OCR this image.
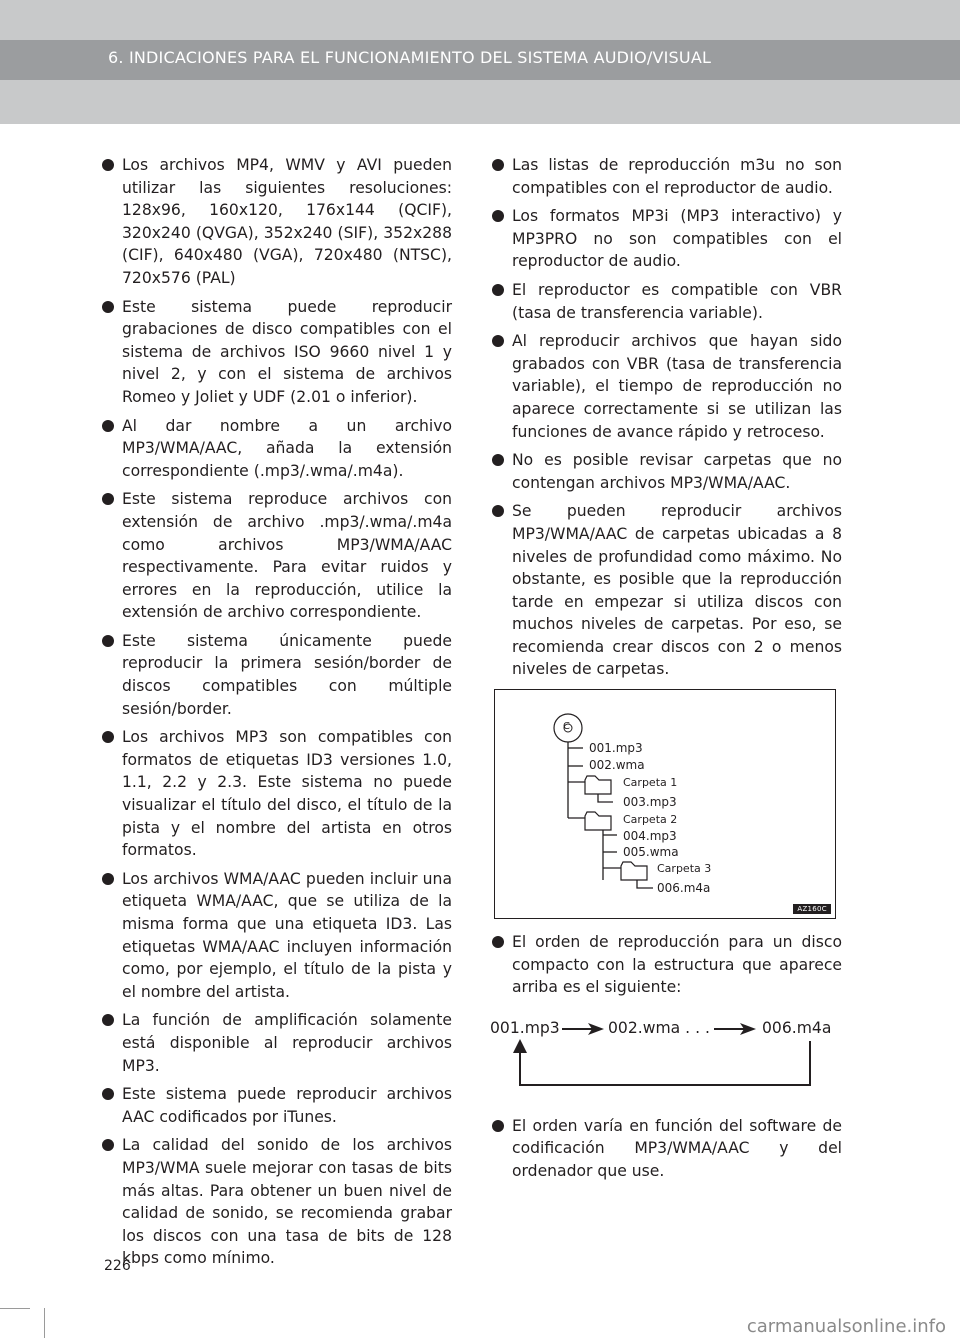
6. INDICACIONES PARA EL FUNCIONAMIENTO DEL SISTEMA AUDIO/VISUAL
Los archivos MP4, WMV y AVI pueden utilizar las siguientes resoluciones: 128x96, 160x120, 176x144 (QCIF), 320x240 (QVGA), 352x240 (SIF), 352x288 (CIF), 640x480 (VGA), 720x480 (NTSC), 720x576 (PAL)
Este sistema puede reproducir grabaciones de disco compatibles con el sistema de archivos ISO 9660 nivel 1 y nivel 2, y con el sistema de archivos Romeo y Joliet y UDF (2.01 o inferior).
Al dar nombre a un archivo MP3/WMA/AAC, añada la extensión correspondiente (.mp3/.wma/.m4a).
Este sistema reproduce archivos con extensión de archivo .mp3/.wma/.m4a como archivos MP3/WMA/AAC respectivamente. Para evitar ruidos y errores en la reproducción, utilice la extensión de archivo correspondiente.
Este sistema únicamente puede reproducir la primera sesión/border de discos compatibles con múltiple sesión/border.
Los archivos MP3 son compatibles con formatos de etiquetas ID3 versiones 1.0, 1.1, 2.2 y 2.3. Este sistema no puede visualizar el título del disco, el título de la pista y el nombre del artista en otros formatos.
Los archivos WMA/AAC pueden incluir una etiqueta WMA/AAC, que se utiliza de la misma forma que una etiqueta ID3. Las etiquetas WMA/AAC incluyen información como, por ejemplo, el título de la pista y el nombre del artista.
La función de amplificación solamente está disponible al reproducir archivos MP3.
Este sistema puede reproducir archivos AAC codificados por iTunes.
La calidad del sonido de los archivos MP3/WMA suele mejorar con tasas de bits más altas. Para obtener un buen nivel de calidad de sonido, se recomienda grabar los discos con una tasa de bits de 128 kbps como mínimo.
Las listas de reproducción m3u no son compatibles con el reproductor de audio.
Los formatos MP3i (MP3 interactivo) y MP3PRO no son compatibles con el reproductor de audio.
El reproductor es compatible con VBR (tasa de transferencia variable).
Al reproducir archivos que hayan sido grabados con VBR (tasa de transferencia variable), el tiempo de reproducción no aparece correctamente si se utilizan las funciones de avance rápido y retroceso.
No es posible revisar carpetas que no contengan archivos MP3/WMA/AAC.
Se pueden reproducir archivos MP3/WMA/AAC de carpetas ubicadas a 8 niveles de profundidad como máximo. No obstante, es posible que la reproducción tarde en empezar si utiliza discos con muchos niveles de carpetas. Por eso, se recomienda crear discos con 2 o menos niveles de carpetas.
C
001.mp3
002.wma
Carpeta 1
003.mp3
Carpeta 2
004.mp3
005.wma
Carpeta 3
006.m4a
AZ160C
El orden de reproducción para un disco compacto con la estructura que aparece arriba es el siguiente:
001.mp3	002.wma . . .	006.m4a
El orden varía en función del software de codificación MP3/WMA/AAC y del ordenador que use.
226
carmanualsonline.info
